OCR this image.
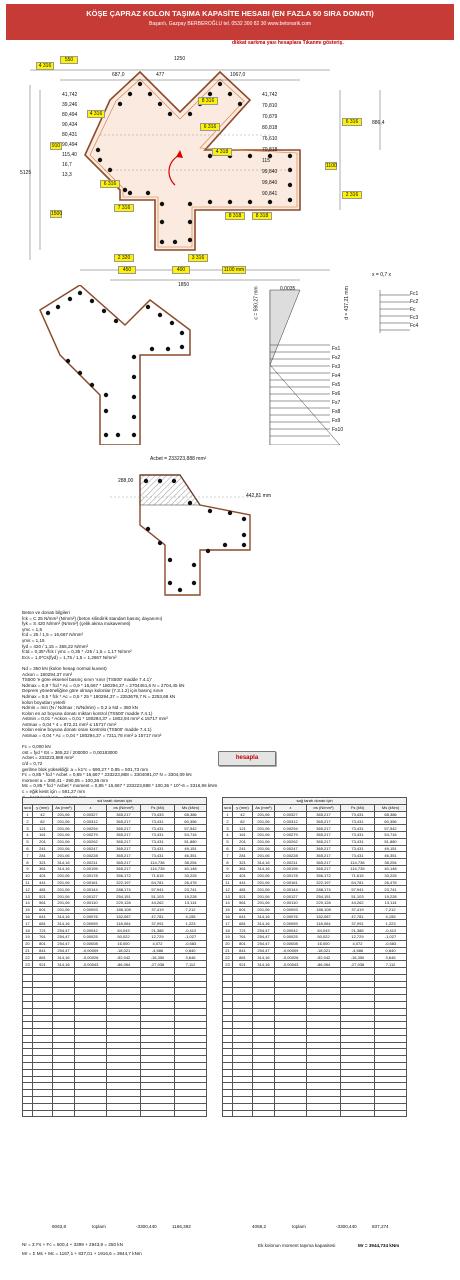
KÖŞE ÇAPRAZ KOLON TAŞIMA KAPASİTE HESABI (EN FAZLA 50 SIRA DONATI)
Başarılı, Gazpay BERBEROĞLU tel. 0532 300 82 30 www.betonarik.com
dikkat sarkma yası hesaplara Tıkanmı gösteriş.
1250
550
687,0	477	1067,0
4 316
8 316
4 316
6 316
4 318
6 316
8 318
2 316
6 316
7 316
8 318
2 320	3 316
450	400	1100 mm
1850
910
1500
5125
1100
886,4
41,742
39,246
80,494
90,434
80,431
90,494
115,40
16,7
13,3
41,742
70,810
70,879
80,818
76,610
70,818
115
99,840
99,840
90,841
0,0035
x = 0,7 x
c = 590,27 mm	d = 437,21 mm
Fs1
Fs2
Fs3
Fs4
Fs5
Fs6
Fs7
Fs8
Fs9
Fs10
Fc1
Fc2
Fc
Fc3
Fc4
Acbet = 233223,888 mm²
288,00
442,81 mm
Beton ve donatı bilgileri
fck = C 25 N/mm² (N/mm²) (beton silindirik standart basınç dayanımı)
fyk = S 420 N/mm² (N/mm²) (çelik akma mukavemeti)
γmc = 1,5
fcd = 25 / 1,5 = 16,667 N/mm²
γms = 1,15
fyd = 420 / 1,15 = 365,22 N/mm²
fctd = 0,35*√fck / γmc = 0,35 * √25 / 1,5 = 1,17 N/mm²
Ecs = 1,0*Cs(fyd) = 1,75 / 1,5 = 1,2667 N/mm²

Nd = 350 kN (kolon hesap normal kuvvet)
Ackon = 180294,37 mm²
TS500 'e göre eksenel basınç sınırı 'sınır (TS500' madde 7.4.1)'
Ndmax = 0,9 * fcd * Ac = 0,9 * 16,667 * 180294,37 = 2704451,6 N = 2704,45 kN
Deprem yönetmeliğine göre olmayı kolonlar (7.3.1.2) için basınç sınırı
Ndmax = 0,5 * fck * Ac = 0,5 * 25 * 180294,37 = 2253679,7 N = 2253,68 kN
kolon boyutları yeterli
Ndmin = min (N / Ndmax ; N/Ndmin) = 0,2 ≥ Nd = 350 kN
Kolon en az boyuna donatı miktarı kontrol (TS500' madde 7.4.1)
Astmin = 0,01 * Ackon = 0,01 * 180294,37 = 1802,94 mm² ≤ 15717 mm²
Astmax = 0,04 * 4 = 872,21 mm² ≤ 15717 mm²
Kolon enine boyuna donatı oranı kontrolü (TS500' madde 7.4.1)
Astmax = 0,04 * Ac = 0,04 * 180294,37 = 7211,78 mm² ≥ 15717 mm²

Fc = 0,000 kN
σst = fyd * Es = 365,22 / 200000 = 0,00183000
Acbet = 233223,888 mm²
c/d = 0,72
gerilme blok yüksekliği: a = k1*c = 590,27 * 0,85 = 501,73 mm
Fc = 0,85 * fcd * Acbet = 0,85 * 16,667 * 233223,888 = 3304091,07 N = 3304,09 kN
moment a = 390,41 - 290,05 = 100,36 mm
Mc = 0,85 * fcd * Acbet * moment = 0,85 * 16,667 * 233223,888 * 100,36 * 10^-6 = 3316,96 kNm
c = eğik kesit için = 591,27 mm
hesapla
sol tarafı donatı için						
sıra	y (mm)	As (mm²)	ε	σs (N/mm²)	Fs (kN)	Ms (kNm)
1	42	201,06	0,00327	365,217	73,433	68,386
2	82	201,06	0,00312	365,217	73,431	60,356
3	121	201,06	0,00294	365,217	73,431	57,542
4	161	201,06	0,00279	365,217	73,431	54,716
5	201	201,06	0,00262	365,217	73,431	51,880
6	241	201,06	0,00247	365,217	73,431	49,151
7	281	201,06	0,00228	365,217	73,431	46,351
8	321	314,16	0,00211	365,217	114,736	38,254
9	361	314,16	0,00195	365,217	114,735	40,148
10	401	201,06	0,00178	356,172	71,615	33,225
11	441	201,06	0,00161	322,197	64,781	26,476
12	481	201,06	0,00144	288,174	57,941	23,741
13	521	201,06	0,00127	254,151	51,103	19,228
14	561	201,06	0,00110	220,128	44,262	13,114
15	601	201,06	0,00093	186,108	37,419	7,212
16	641	314,16	0,00076	152,087	47,781	4,155
17	681	314,16	0,00059	118,064	37,091	1,223
18	721	254,47	0,00042	84,043	21,386	-0,412
19	761	254,47	0,00025	50,022	12,729	-1,027
20	801	254,47	0,00008	16,000	4,072	-0,583
21	841	254,47	-0,00009	-18,021	-4,586	0,840
22	881	314,16	-0,00026	-52,042	-16,350	3,646
23	921	314,16	-0,00043	-86,064	-27,038	7,112

sağ tarafı donatı için						
sıra	y (mm)	As (mm²)	ε	σs (N/mm²)	Fs (kN)	Ms (kNm)
1	42	201,06	0,00327	365,217	73,431	68,386
2	82	201,06	0,00312	365,217	73,431	60,356
3	121	201,06	0,00294	365,217	73,431	57,542
4	161	201,06	0,00279	365,217	73,431	54,716
5	201	201,06	0,00262	365,217	73,431	51,880
6	241	201,06	0,00247	365,217	73,431	49,151
7	281	201,06	0,00228	365,217	73,431	46,351
8	321	314,16	0,00211	365,217	114,736	38,254
9	361	314,16	0,00195	365,217	114,735	40,148
10	401	201,06	0,00178	356,172	71,615	33,225
11	441	201,06	0,00161	322,197	64,781	26,476
12	481	201,06	0,00144	288,174	57,941	23,741
13	521	201,06	0,00127	254,151	51,103	19,228
14	561	201,06	0,00110	220,128	44,262	13,114
15	601	201,06	0,00093	186,108	37,419	7,212
16	641	314,16	0,00076	152,087	47,781	4,155
17	681	314,16	0,00059	118,064	37,091	1,223
18	721	254,47	0,00042	84,043	21,386	-0,412
19	761	254,47	0,00025	50,022	12,729	-1,027
20	801	254,47	0,00008	16,000	4,072	-0,583
21	841	254,47	-0,00009	-18,021	-4,586	0,840
22	881	314,16	-0,00026	-52,042	-16,350	3,646
23	921	314,16	-0,00043	-86,064	-27,038	7,112

6063,8	toplam	-3300,440	1166,392	4058,2	toplam	-3300,440	837,274
Nr = Σ Fs + Fc = 500,4 + 3399 + 2943,9 = 250 kN
Mr = Σ Ms + Mc = 1167,1 + 837,01 + 1916,6 = 3944,7 kNm
Ek kolonun moment taşıma kapasitesi	Mr = 3944,734 kNm
